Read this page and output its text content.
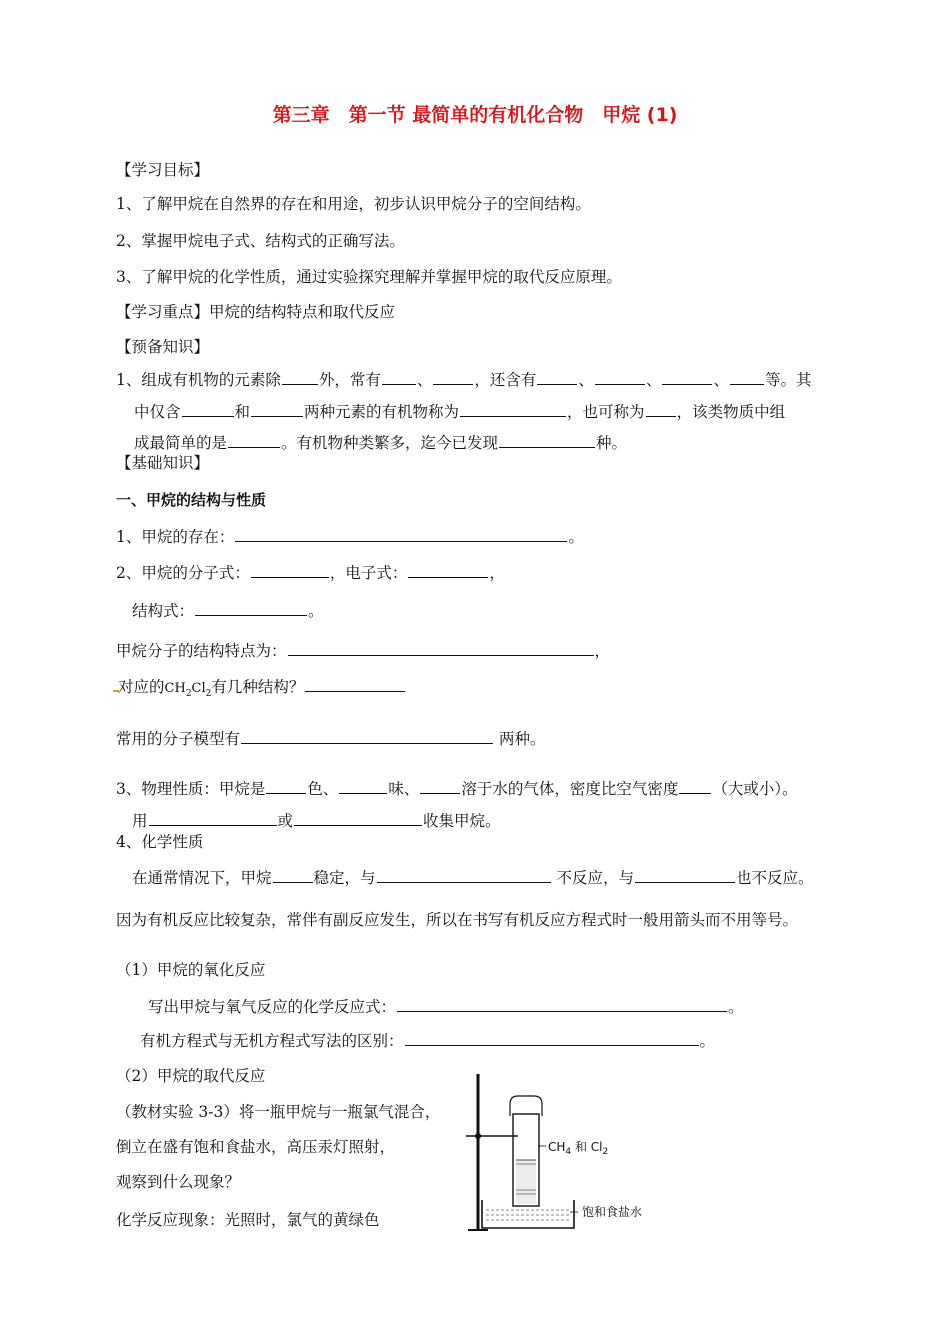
第三章　第一节 最简单的有机化合物　甲烷 (1)
【学习目标】
1、了解甲烷在自然界的存在和用途，初步认识甲烷分子的空间结构。
2、掌握甲烷电子式、结构式的正确写法。
3、了解甲烷的化学性质，通过实验探究理解并掌握甲烷的取代反应原理。
【学习重点】甲烷的结构特点和取代反应
【预备知识】
1、组成有机物的元素除 外，常有 、	，还含有	、	、	、 等。其
中仅含	和	两种元素的有机物称为	，也可称为 ，该类物质中组
成最简单的是	。有机物种类繁多，迄今已发现	种。
【基础知识】
一、甲烷的结构与性质
1、甲烷的存在：	。
2、甲烷的分子式：	，电子式：	，
结构式：	。
甲烷分子的结构特点为：	，
对应的$CH_2Cl_2$有几种结构？
常用的分子模型有	两种。
3、物理性质：甲烷是	色、	味、	溶于水的气体，密度比空气密度 （大或小）。
用	或	收集甲烷。
4、化学性质
在通常情况下，甲烷	稳定，与	不反应，与	也不反应。
因为有机反应比较复杂，常伴有副反应发生，所以在书写有机反应方程式时一般用箭头而不用等号。
（1）甲烷的氧化反应
写出甲烷与氧气反应的化学反应式：	。
有机方程式与无机方程式写法的区别：	。
（2）甲烷的取代反应
（教材实验 3-3）将一瓶甲烷与一瓶氯气混合，
倒立在盛有饱和食盐水，高压汞灯照射，
观察到什么现象？
化学反应现象：光照时，氯气的黄绿色
$CH_4$ 和 $Cl_2$
饱和食盐水
